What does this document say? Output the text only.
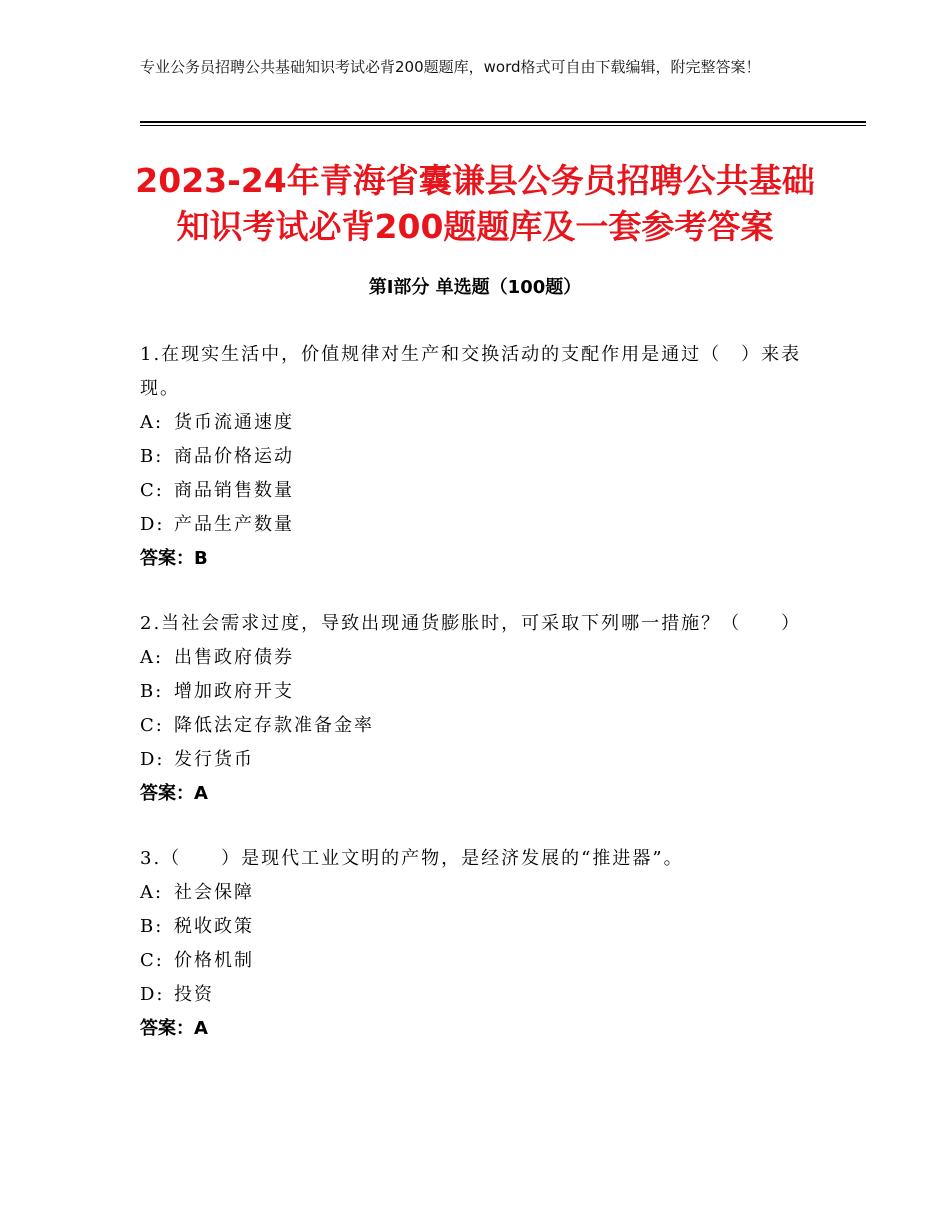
专业公务员招聘公共基础知识考试必背200题题库，word格式可自由下载编辑，附完整答案！
2023-24年青海省囊谦县公务员招聘公共基础知识考试必背200题题库及一套参考答案
第Ⅰ部分 单选题（100题）
1.在现实生活中，价值规律对生产和交换活动的支配作用是通过（　）来表现。
A: 货币流通速度
B: 商品价格运动
C: 商品销售数量
D: 产品生产数量
答案：B
2.当社会需求过度，导致出现通货膨胀时，可采取下列哪一措施？（　　）
A: 出售政府债券
B: 增加政府开支
C: 降低法定存款准备金率
D: 发行货币
答案：A
3.（　　）是现代工业文明的产物，是经济发展的“推进器”。
A: 社会保障
B: 税收政策
C: 价格机制
D: 投资
答案：A
